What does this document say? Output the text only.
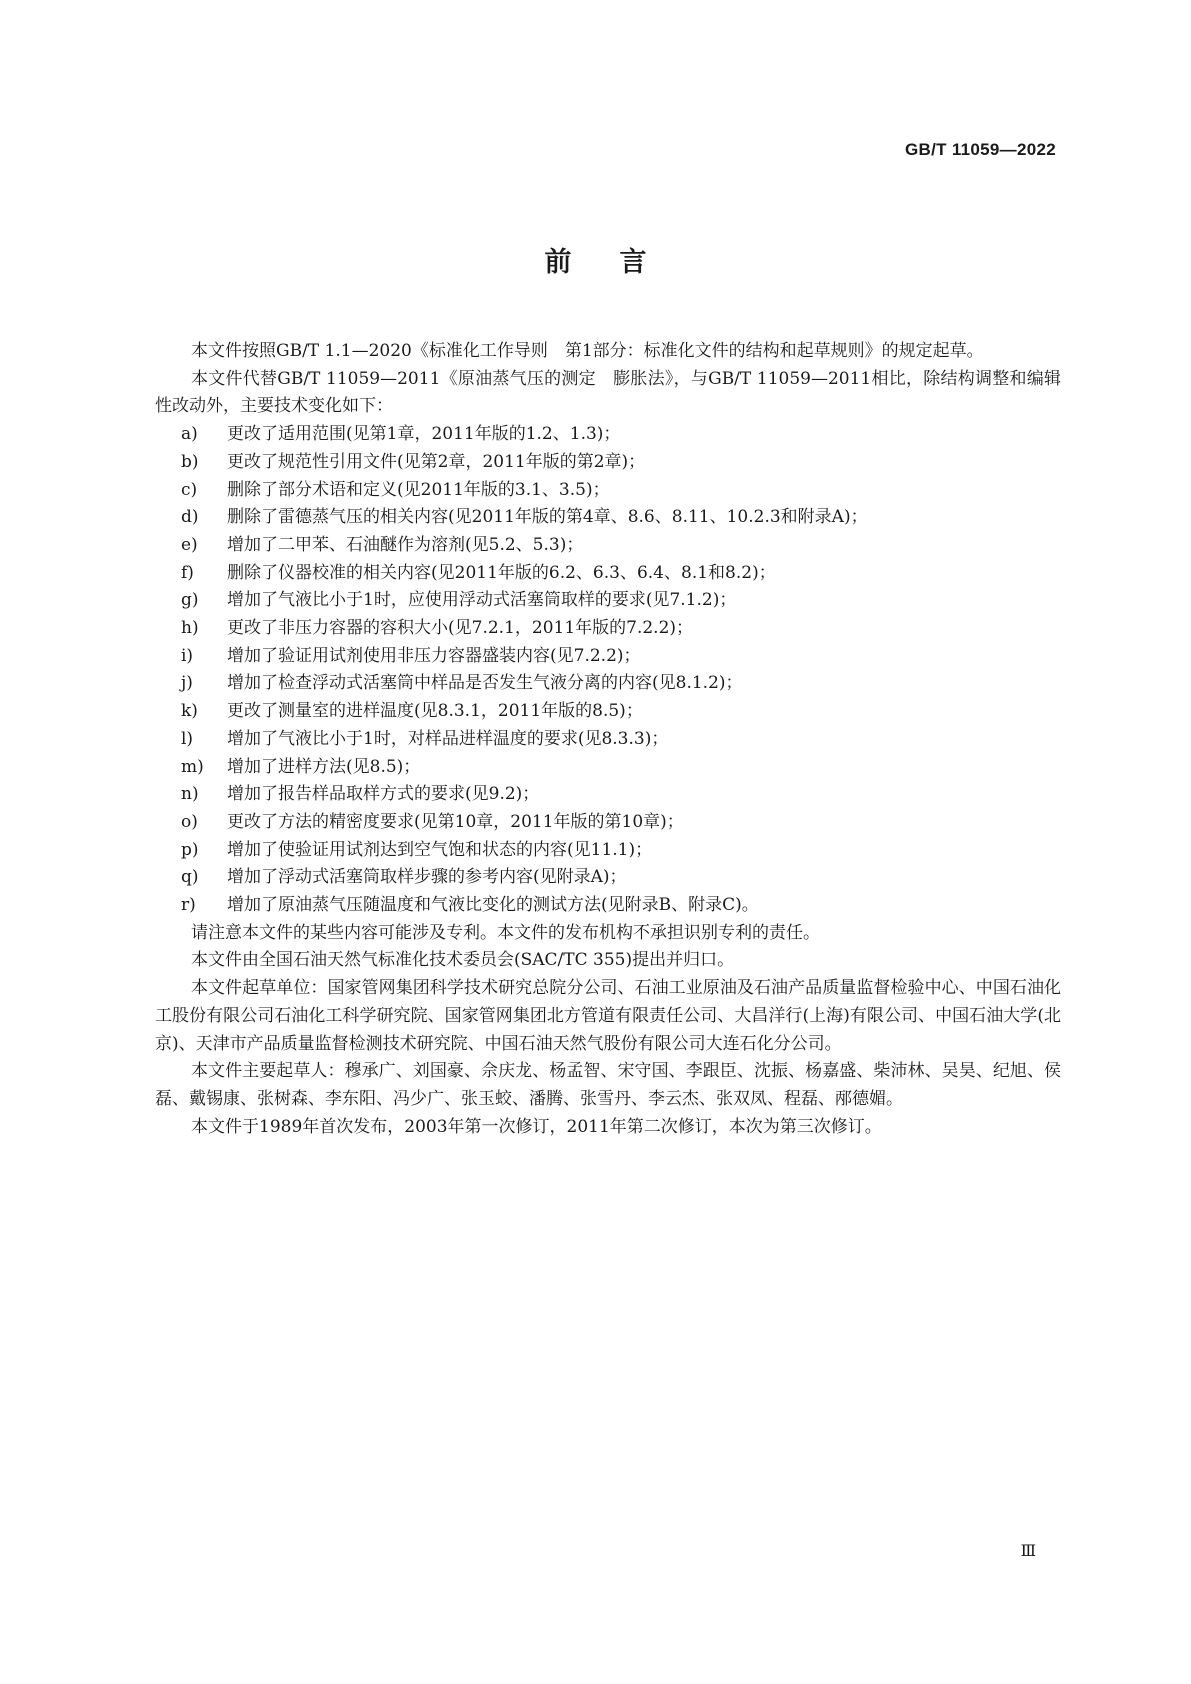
GB/T 11059—2022
前言

本文件按照GB/T 1.1—2020《标准化工作导则　第1部分：标准化文件的结构和起草规则》的规定起草。

本文件代替GB/T 11059—2011《原油蒸气压的测定　膨胀法》，与GB/T 11059—2011相比，除结构调整和编辑性改动外，主要技术变化如下：

a) 更改了适用范围(见第1章，2011年版的1.2、1.3)；
b) 更改了规范性引用文件(见第2章，2011年版的第2章)；
c) 删除了部分术语和定义(见2011年版的3.1、3.5)；
d) 删除了雷德蒸气压的相关内容(见2011年版的第4章、8.6、8.11、10.2.3和附录A)；
e) 增加了二甲苯、石油醚作为溶剂(见5.2、5.3)；
f) 删除了仪器校准的相关内容(见2011年版的6.2、6.3、6.4、8.1和8.2)；
g) 增加了气液比小于1时，应使用浮动式活塞筒取样的要求(见7.1.2)；
h) 更改了非压力容器的容积大小(见7.2.1，2011年版的7.2.2)；
i) 增加了验证用试剂使用非压力容器盛装内容(见7.2.2)；
j) 增加了检查浮动式活塞筒中样品是否发生气液分离的内容(见8.1.2)；
k) 更改了测量室的进样温度(见8.3.1，2011年版的8.5)；
l) 增加了气液比小于1时，对样品进样温度的要求(见8.3.3)；
m) 增加了进样方法(见8.5)；
n) 增加了报告样品取样方式的要求(见9.2)；
o) 更改了方法的精密度要求(见第10章，2011年版的第10章)；
p) 增加了使验证用试剂达到空气饱和状态的内容(见11.1)；
q) 增加了浮动式活塞筒取样步骤的参考内容(见附录A)；
r) 增加了原油蒸气压随温度和气液比变化的测试方法(见附录B、附录C)。

请注意本文件的某些内容可能涉及专利。本文件的发布机构不承担识别专利的责任。

本文件由全国石油天然气标准化技术委员会(SAC/TC 355)提出并归口。

本文件起草单位：国家管网集团科学技术研究总院分公司、石油工业原油及石油产品质量监督检验中心、中国石油化工股份有限公司石油化工科学研究院、国家管网集团北方管道有限责任公司、大昌洋行(上海)有限公司、中国石油大学(北京)、天津市产品质量监督检测技术研究院、中国石油天然气股份有限公司大连石化分公司。

本文件主要起草人：穆承广、刘国豪、佘庆龙、杨孟智、宋守国、李跟臣、沈振、杨嘉盛、柴沛林、吴昊、纪旭、侯磊、戴锡康、张树森、李东阳、冯少广、张玉蛟、潘腾、张雪丹、李云杰、张双凤、程磊、邴德媚。

本文件于1989年首次发布，2003年第一次修订，2011年第二次修订，本次为第三次修订。

Ⅲ
